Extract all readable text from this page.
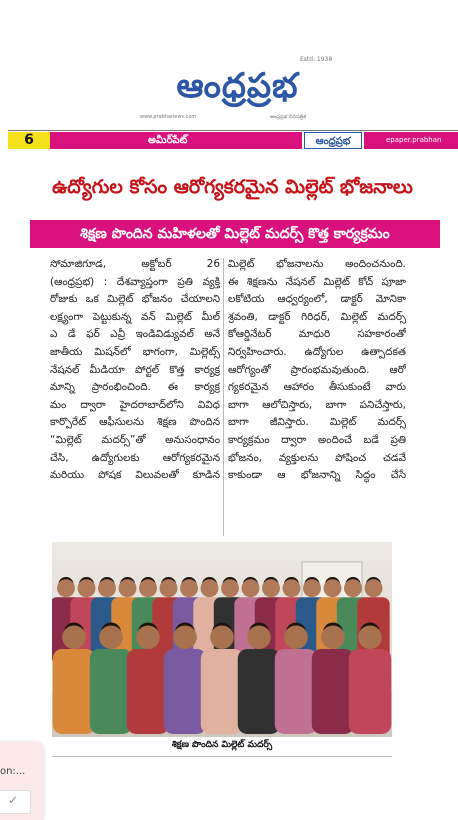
ఆంధ్రప్రభ
Estd. 1938
www.prabhanews.com	ఆంధ్రప్రభ దినపత్రిక
6	అమీర్‌పేట్	ఆంధ్రప్రభ	epaper.prabhan
ఉద్యోగుల కోసం ఆరోగ్యకరమైన మిల్లెట్ భోజనాలు
శిక్షణ పొందిన మహిళలతో మిల్లెట్ మదర్స్ కొత్త కార్యక్రమం

సోమాజిగూడ, అక్టోబర్ 26

(ఆంధ్రప్రభ) : దేశవ్యాప్తంగా ప్రతి వ్యక్తి

రోజుకు ఒక మిల్లెట్ భోజనం చేయాలని

లక్ష్యంగా పెట్టుకున్న వన్ మిల్లెట్ మీల్

ఎ డే ఫర్ ఎవ్రీ ఇండివిడ్యువల్ అనే

జాతీయ మిషన్‌లో భాగంగా, మిల్లెట్స్

నేషనల్ మీడియా పోర్టల్ కొత్త కార్యక్ర

మాన్ని ప్రారంభించింది. ఈ కార్యక్ర

మం ద్వారా హైదరాబాద్‌లోని వివిధ

కార్పొరేట్ ఆఫీసులను శిక్షణ పొందిన

“మిల్లెట్ మదర్స్”తో అనుసంధానం

చేసి, ఉద్యోగులకు ఆరోగ్యకరమైన

మరియు పోషక విలువలతో కూడిన

మిల్లెట్ భోజనాలను అందించనుంది.

ఈ శిక్షణను నేషనల్ మిల్లెట్ కోచ్ పూజా

లకోటియ ఆధ్వర్యంలో, డాక్టర్ మోనికా

శ్రవంతి, డాక్టర్ గిరిధర్, మిల్లెట్ మదర్స్

కోఆర్డినేటర్ మాధురి సహకారంతో

నిర్వహించారు. ఉద్యోగుల ఉత్పాదకత

ఆరోగ్యంతో ప్రారంభమవుతుంది. ఆరో

గ్యకరమైన ఆహారం తీసుకుంటే వారు

బాగా ఆలోచిస్తారు, బాగా పనిచేస్తారు,

బాగా జీవిస్తారు. మిల్లెట్ మదర్స్

కార్యక్రమం ద్వారా అందించే బడే ప్రతి

భోజనం, వ్యక్తులను పోషించ చడవే

కాకుండా ఆ భోజనాన్ని సిద్ధం చేసే

శిక్షణ పొందిన మిల్లెట్ మదర్స్
on:...
✓
